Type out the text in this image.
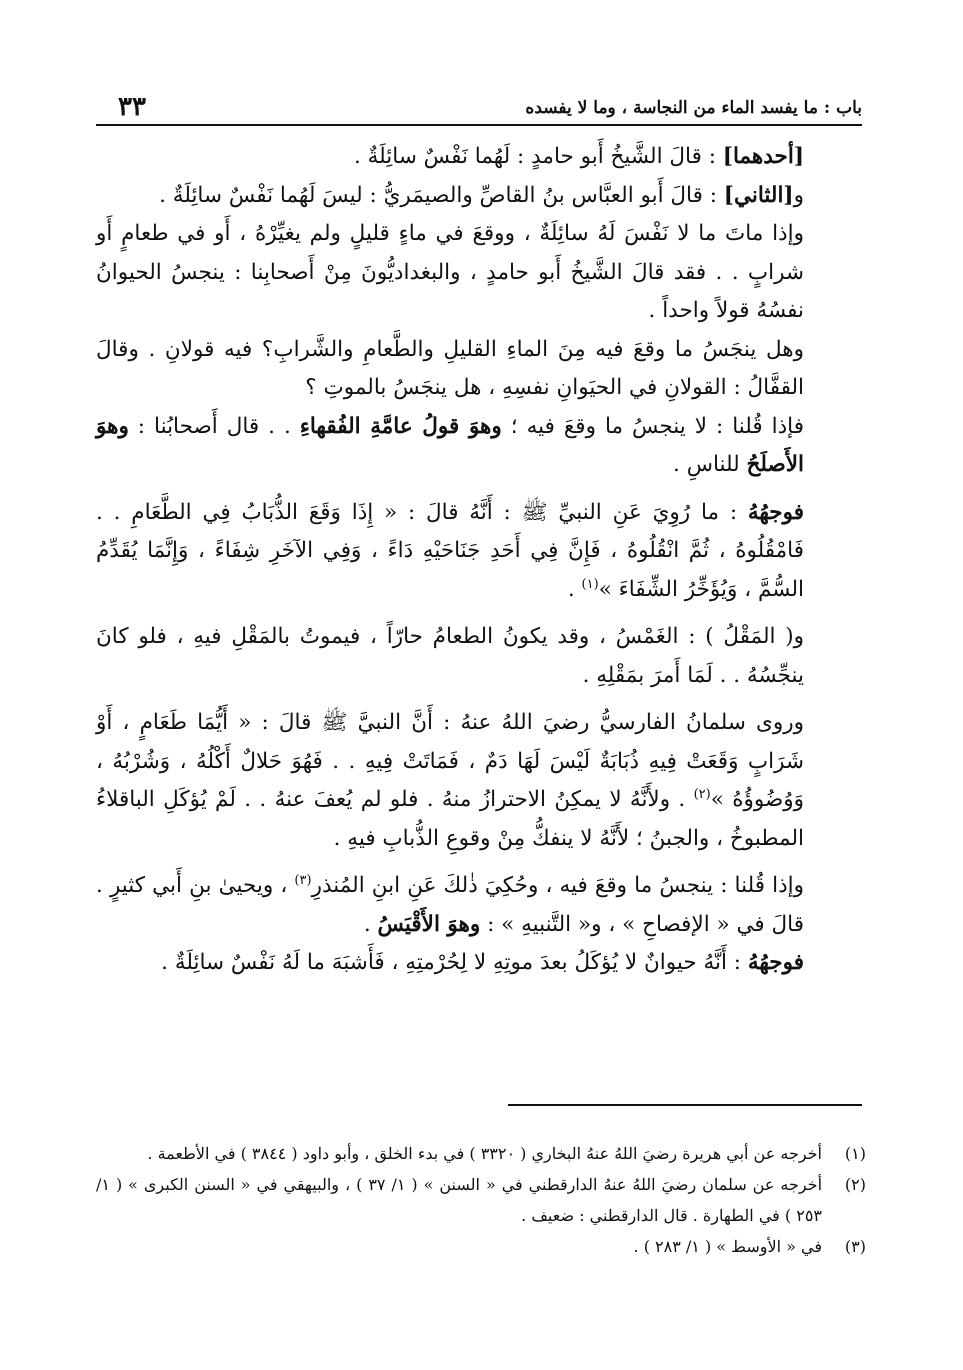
٣٣	باب : ما يفسد الماء من النجاسة ، وما لا يفسده

[أحدهما] : قالَ الشَّيخُ أَبو حامدٍ : لَهُما نَفْسٌ سائِلَةٌ .

و[الثاني] : قالَ أَبو العبَّاس بنُ القاصِّ والصيمَريُّ : ليسَ لَهُما نَفْسٌ سائِلَةٌ .

وإذا ماتَ ما لا نَفْسَ لَهُ سائِلَةٌ ، ووقعَ في ماءٍ قليلٍ ولم يغيِّرْهُ ، أَو في طعامٍ أَو شرابٍ . . فقد قالَ الشَّيخُ أَبو حامدٍ ، والبغداديُّونَ مِنْ أَصحابِنا : ينجسُ الحيوانُ نفسُهُ قولاً واحداً .

وهل ينجَسُ ما وقعَ فيه مِنَ الماءِ القليلِ والطَّعامِ والشَّرابِ؟ فيه قولانِ . وقالَ القفَّالُ : القولانِ في الحيَوانِ نفسِهِ ، هل ينجَسُ بالموتِ ؟

فإذا قُلنا : لا ينجسُ ما وقعَ فيه ؛ وهوَ قولُ عامَّةِ الفُقهاءِ . . قال أَصحابُنا : وهوَ الأَصلَحُ للناسِ .

فوجهُهُ : ما رُوِيَ عَنِ النبيِّ ﷺ : أَنَّهُ قالَ : « إِذَا وَقَعَ الذُّبَابُ فِي الطَّعَامِ . . فَامْقُلُوهُ ، ثُمَّ انْقُلُوهُ ، فَإِنَّ فِي أَحَدِ جَنَاحَيْهِ دَاءً ، وَفِي الآخَرِ شِفَاءً ، وَإِنَّمَا يُقَدِّمُ السُّمَّ ، وَيُؤَخِّرُ الشِّفَاءَ »$^{(١)}$ .

و( المَقْلُ ) : الغَمْسُ ، وقد يكونُ الطعامُ حارّاً ، فيموتُ بالمَقْلِ فيهِ ، فلو كانَ ينجِّسُهُ . . لَمَا أَمرَ بمَقْلِهِ .

وروى سلمانُ الفارسيُّ رضيَ اللهُ عنهُ : أَنَّ النبيَّ ﷺ قالَ : « أَيُّمَا طَعَامٍ ، أَوْ شَرَابٍ وَقَعَتْ فِيهِ ذُبَابَةٌ لَيْسَ لَهَا دَمٌ ، فَمَاتَتْ فِيهِ . . فَهُوَ حَلالٌ أَكْلُهُ ، وَشُرْبُهُ ، وَوُضُوؤُهُ »$^{(٢)}$ . ولأَنَّهُ لا يمكِنُ الاحترازُ منهُ . فلو لم يُعفَ عنهُ . . لَمْ يُؤكَلِ الباقلاءُ المطبوخُ ، والجبنُ ؛ لأَنَّهُ لا ينفكُّ مِنْ وقوعِ الذُّبابِ فيهِ .

وإذا قُلنا : ينجسُ ما وقعَ فيه ، وحُكِيَ ذٰلكَ عَنِ ابنِ المُنذرِ$^{(٣)}$ ، ويحيىٰ بنِ أَبي كثيرٍ . قالَ في « الإفصاحِ » ، و« التَّنبيهِ » : وهوَ الأَقْيَسُ .

فوجهُهُ : أَنَّهُ حيوانٌ لا يُؤكَلُ بعدَ موتِهِ لا لِحُرْمتِهِ ، فَأَشبَهَ ما لَهُ نَفْسٌ سائِلَةٌ .

(١)
أخرجه عن أبي هريرة رضيَ اللهُ عنهُ البخاري ( ٣٣٢٠ ) في بدء الخلق ، وأبو داود ( ٣٨٤٤ ) في الأطعمة .
(٢)
أخرجه عن سلمان رضيَ اللهُ عنهُ الدارقطني في « السنن » ( ١/ ٣٧ ) ، والبيهقي في « السنن الكبرى » ( ١/ ٢٥٣ ) في الطهارة . قال الدارقطني : ضعيف .
(٣)
في « الأوسط » ( ١/ ٢٨٣ ) .
